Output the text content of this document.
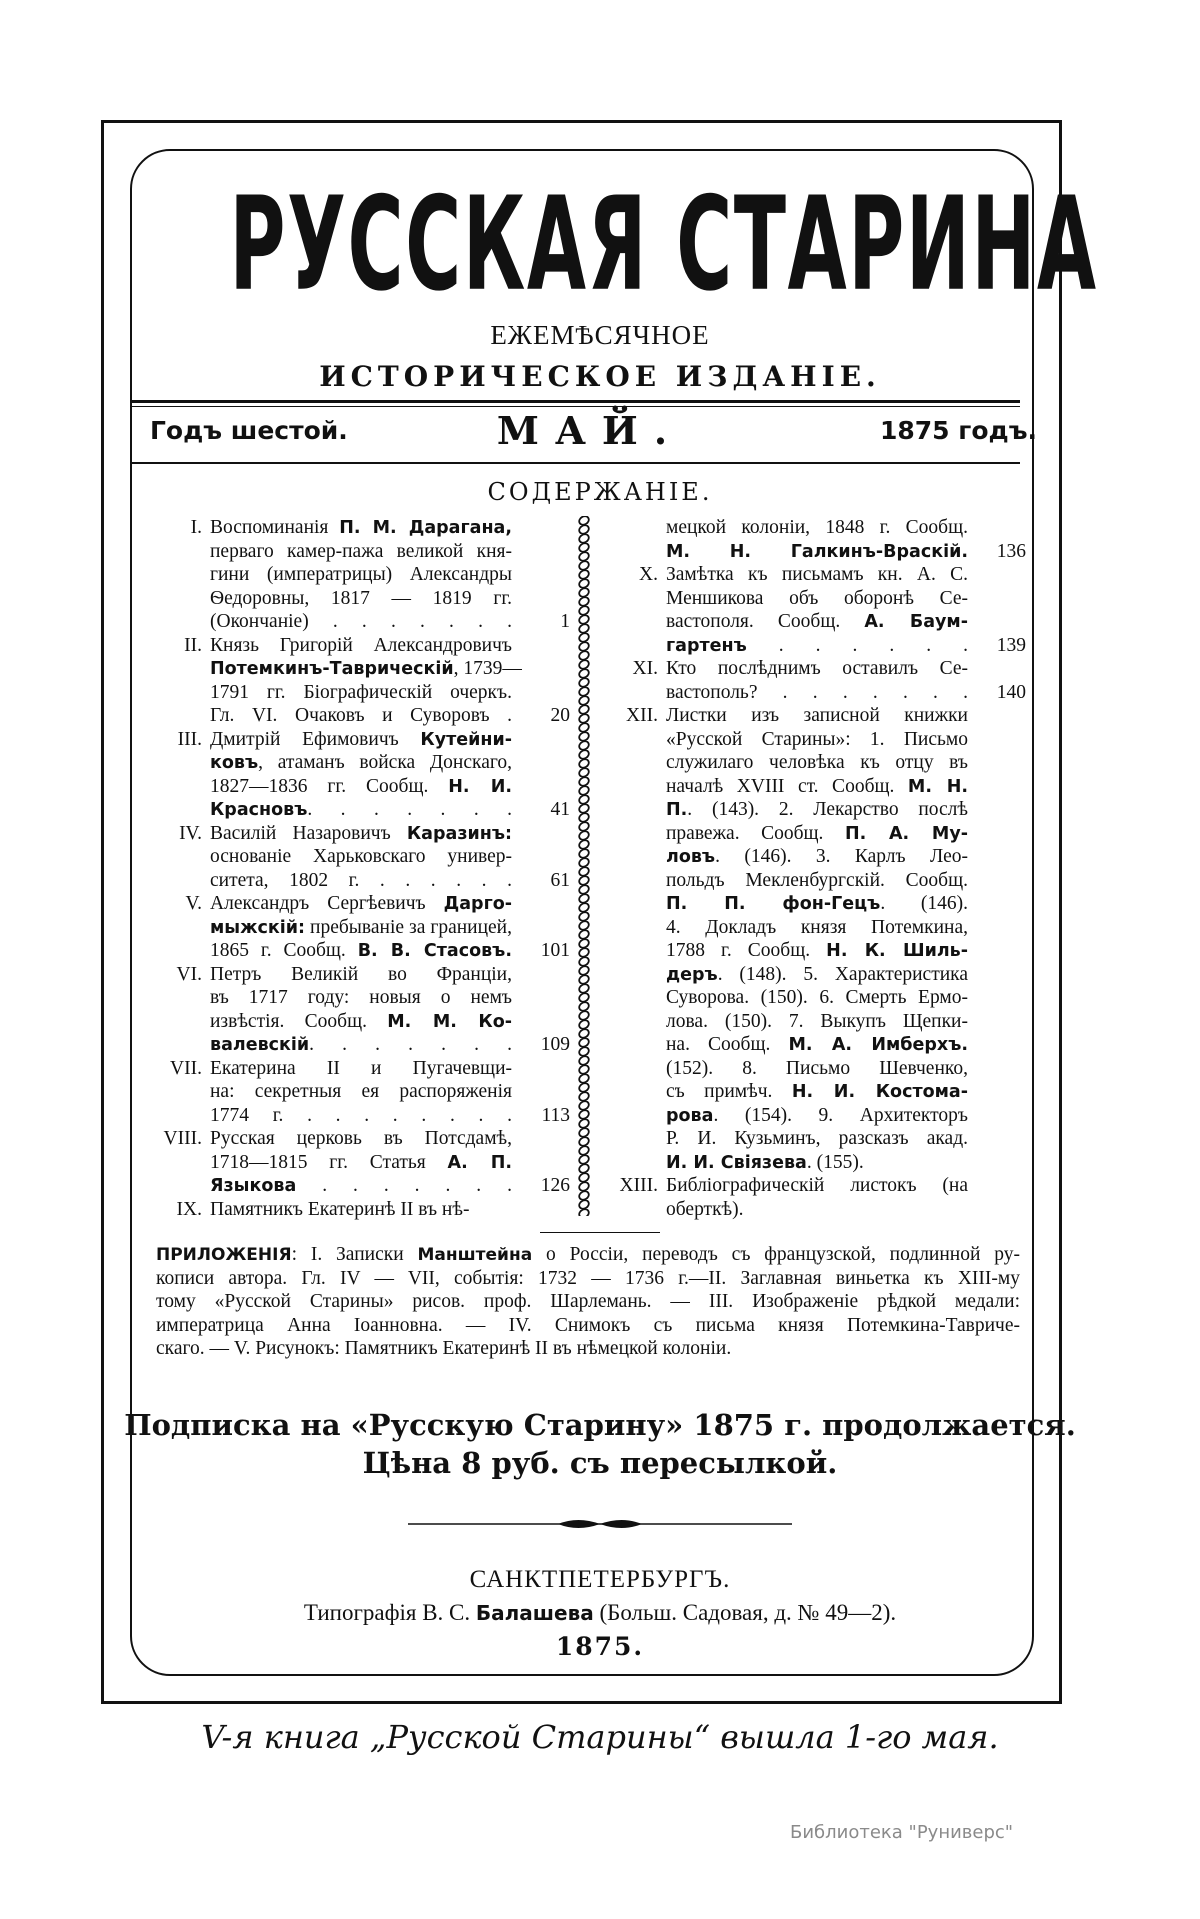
РУССКАЯ СТАРИНА
ЕЖЕМѢСЯЧНОЕ
ИСТОРИЧЕСКОЕ ИЗДАНІЕ.
Годъ шестой.	МАЙ.	1875 годъ.
СОДЕРЖАНІЕ.
I. Воспоминанія П. М. Дарагана,
перваго камер-пажа великой кня-
гини (императрицы) Александры
Ѳедоровны, 1817 — 1819 гг.
(Окончаніе) . . . . . . .	1
II. Князь Григорій Александровичъ
Потемкинъ-Таврическій, 1739—
1791 гг. Біографическій очеркъ.
Гл. VI. Очаковъ и Суворовъ .	20
III. Дмитрій Ефимовичъ Кутейни-
ковъ, атаманъ войска Донскаго,
1827—1836 гг. Сообщ. Н. И.
Красновъ. . . . . . .	41
IV. Василій Назаровичъ Каразинъ:
основаніе Харьковскаго универ-
ситета, 1802 г. . . . . . .	61
V. Александръ Сергѣевичъ Дарго-
мыжскій: пребываніе за границей,
1865 г. Сообщ. В. В. Стасовъ.	101
VI. Петръ Великій во Франціи,
въ 1717 году: новыя о немъ
извѣстія. Сообщ. М. М. Ко-
валевскій. . . . . . .	109
VII. Екатерина II и Пугачевщи-
на: секретныя ея распоряженія
1774 г. . . . . . . . .	113
VIII. Русская церковь въ Потсдамѣ,
1718—1815 гг. Статья А. П.
Языкова . . . . . . .	126
IX. Памятникъ Екатеринѣ II въ нѣ-
мецкой колоніи, 1848 г. Сообщ.
М. Н. Галкинъ-Враскій.	136
X. Замѣтка къ письмамъ кн. А. С.
Меншикова объ оборонѣ Се-
вастополя. Сообщ. А. Баум-
гартенъ . . . . . .	139
XI. Кто послѣднимъ оставилъ Се-
вастополь? . . . . . . .	140
XII. Листки изъ записной книжки
«Русской Старины»: 1. Письмо
служилаго человѣка къ отцу въ
началѣ XVIII ст. Сообщ. М. Н.
П.. (143). 2. Лекарство послѣ
правежа. Сообщ. П. А. Му-
ловъ. (146). 3. Карлъ Лео-
польдъ Мекленбургскій. Сообщ.
П. П. фон-Гецъ. (146).
4. Докладъ князя Потемкина,
1788 г. Сообщ. Н. К. Шиль-
деръ. (148). 5. Характеристика
Суворова. (150). 6. Смерть Ермо-
лова. (150). 7. Выкупъ Щепки-
на. Сообщ. М. А. Имберхъ.
(152). 8. Письмо Шевченко,
съ примѣч. Н. И. Костома-
рова. (154). 9. Архитекторъ
Р. И. Кузьминъ, разсказъ акад.
И. И. Свіязева. (155).
XIII. Библіографическій листокъ (на
оберткѣ).
ПРИЛОЖЕНІЯ: I. Записки Манштейна о Россіи, переводъ съ французской, подлинной ру-
кописи автора. Гл. IV — VII, событія: 1732 — 1736 г.—II. Заглавная виньетка къ XIII-му
тому «Русской Старины» рисов. проф. Шарлемань. — III. Изображеніе рѣдкой медали:
императрица Анна Іоанновна. — IV. Снимокъ съ письма князя Потемкина-Тавриче-
скаго. — V. Рисунокъ: Памятникъ Екатеринѣ II въ нѣмецкой колоніи.
Подписка на «Русскую Старину» 1875 г. продолжается.
Цѣна 8 руб. съ пересылкой.
САНКТПЕТЕРБУРГЪ.
Типографія В. С. Балашева (Больш. Садовая, д. № 49—2).
1875.
V-я книга „Русской Старины“ вышла 1-го мая.
Библиотека "Руниверс"
